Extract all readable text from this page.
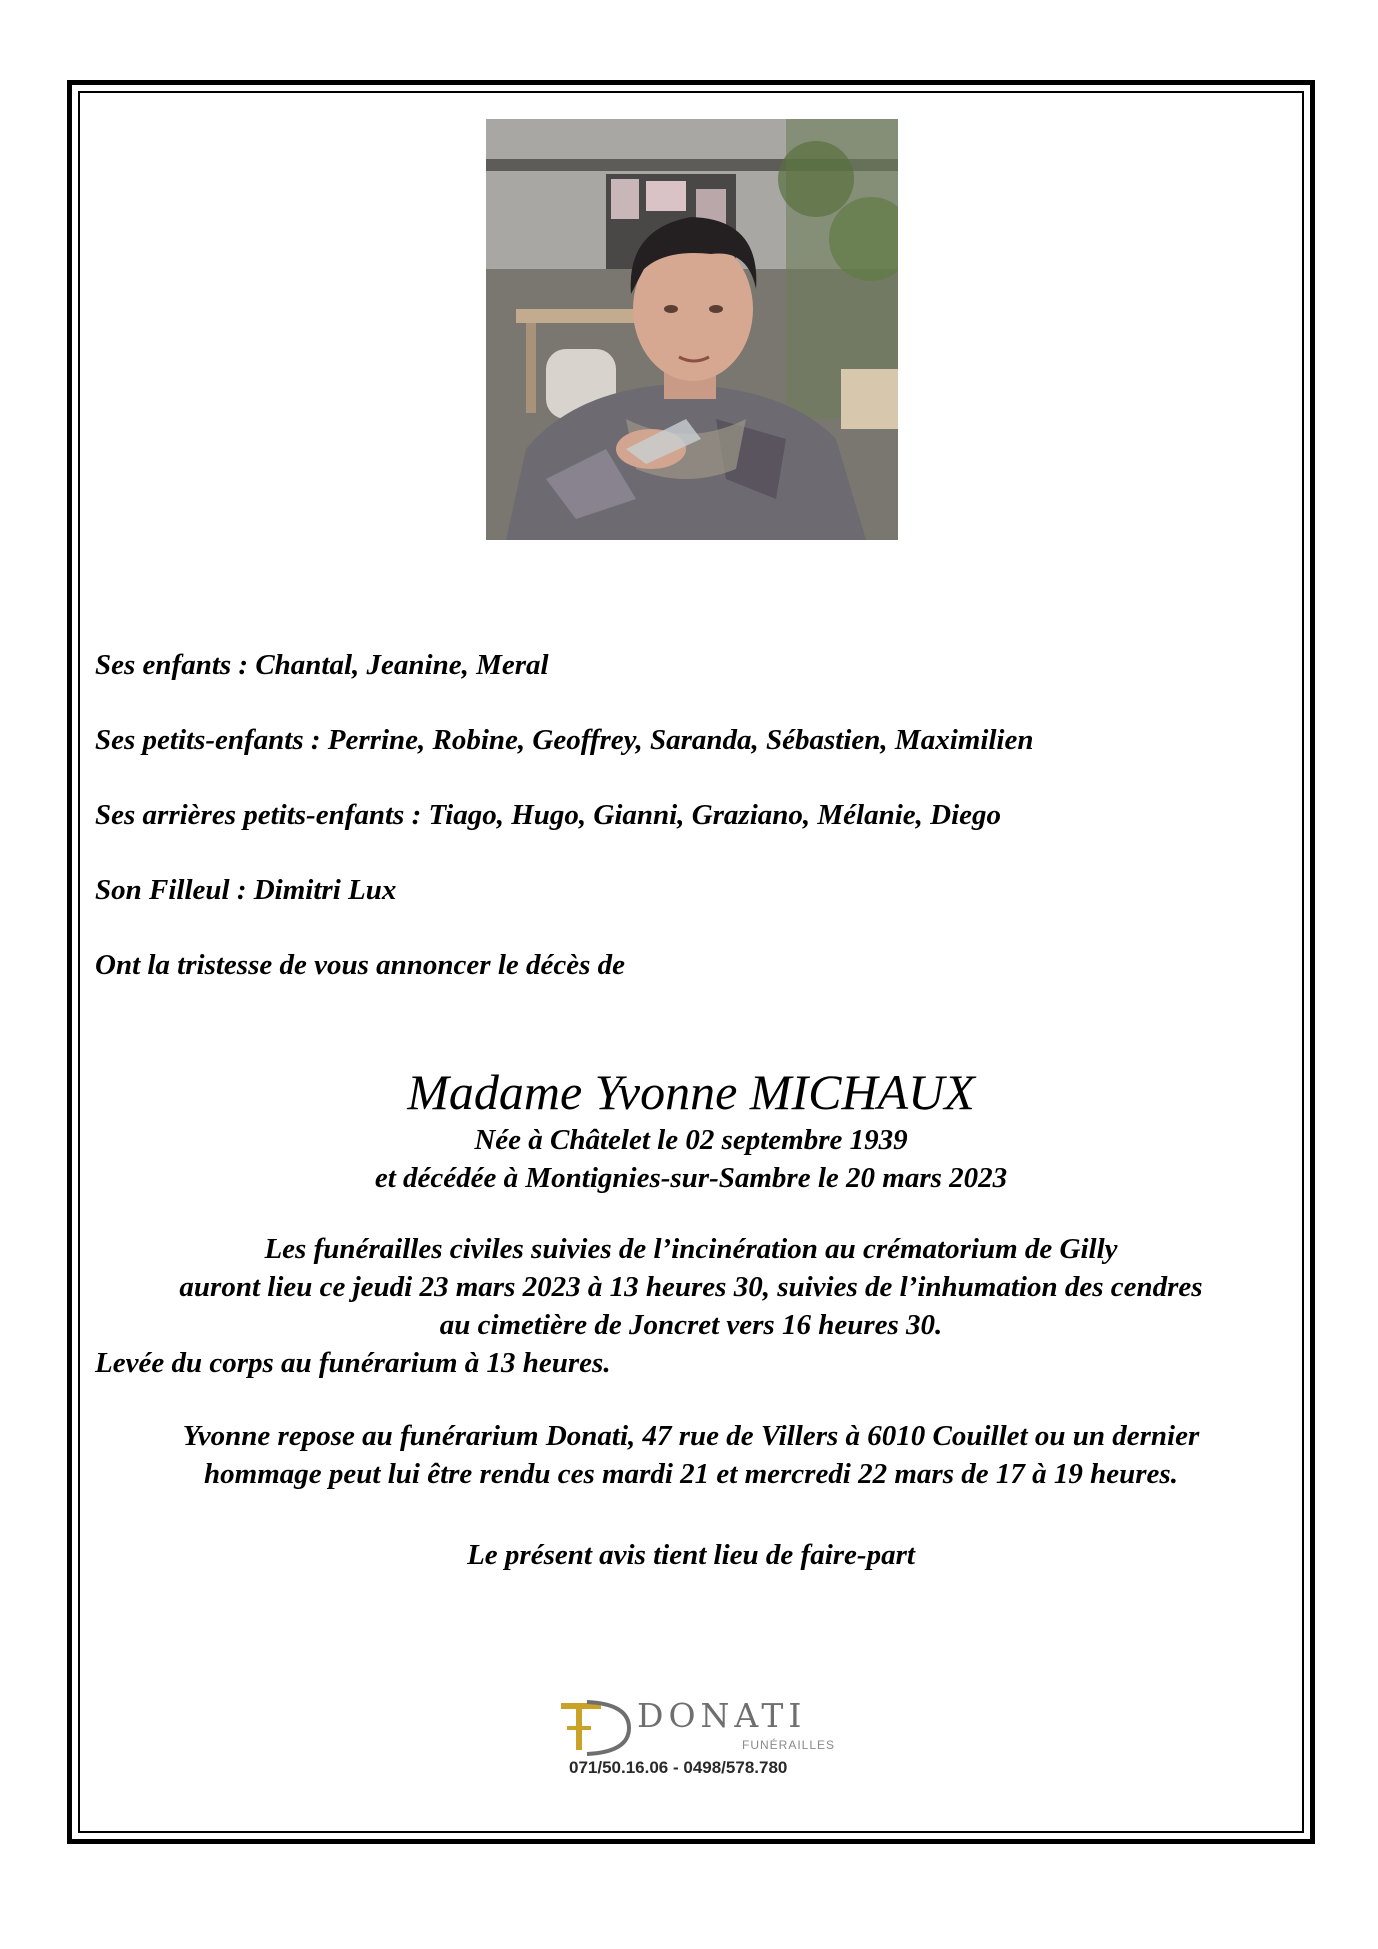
Ses enfants : Chantal, Jeanine, Meral
Ses petits-enfants : Perrine, Robine, Geoffrey, Saranda, Sébastien, Maximilien
Ses arrières petits-enfants : Tiago, Hugo, Gianni, Graziano, Mélanie, Diego
Son Filleul : Dimitri Lux
Ont la tristesse de vous annoncer le décès de
Madame Yvonne MICHAUX
Née à Châtelet le 02 septembre 1939
et décédée à Montignies-sur-Sambre le 20 mars 2023
Les funérailles civiles suivies de l’incinération au crématorium de Gilly
auront lieu ce jeudi 23 mars 2023 à 13 heures 30, suivies de l’inhumation des cendres
au cimetière de Joncret vers 16 heures 30.
Levée du corps au funérarium à 13 heures.
Yvonne repose au funérarium Donati, 47 rue de Villers à 6010 Couillet ou un dernier
hommage peut lui être rendu ces mardi 21 et mercredi 22 mars de 17 à 19 heures.
Le présent avis tient lieu de faire-part
DONATI
FUNÉRAILLES
071/50.16.06 - 0498/578.780
